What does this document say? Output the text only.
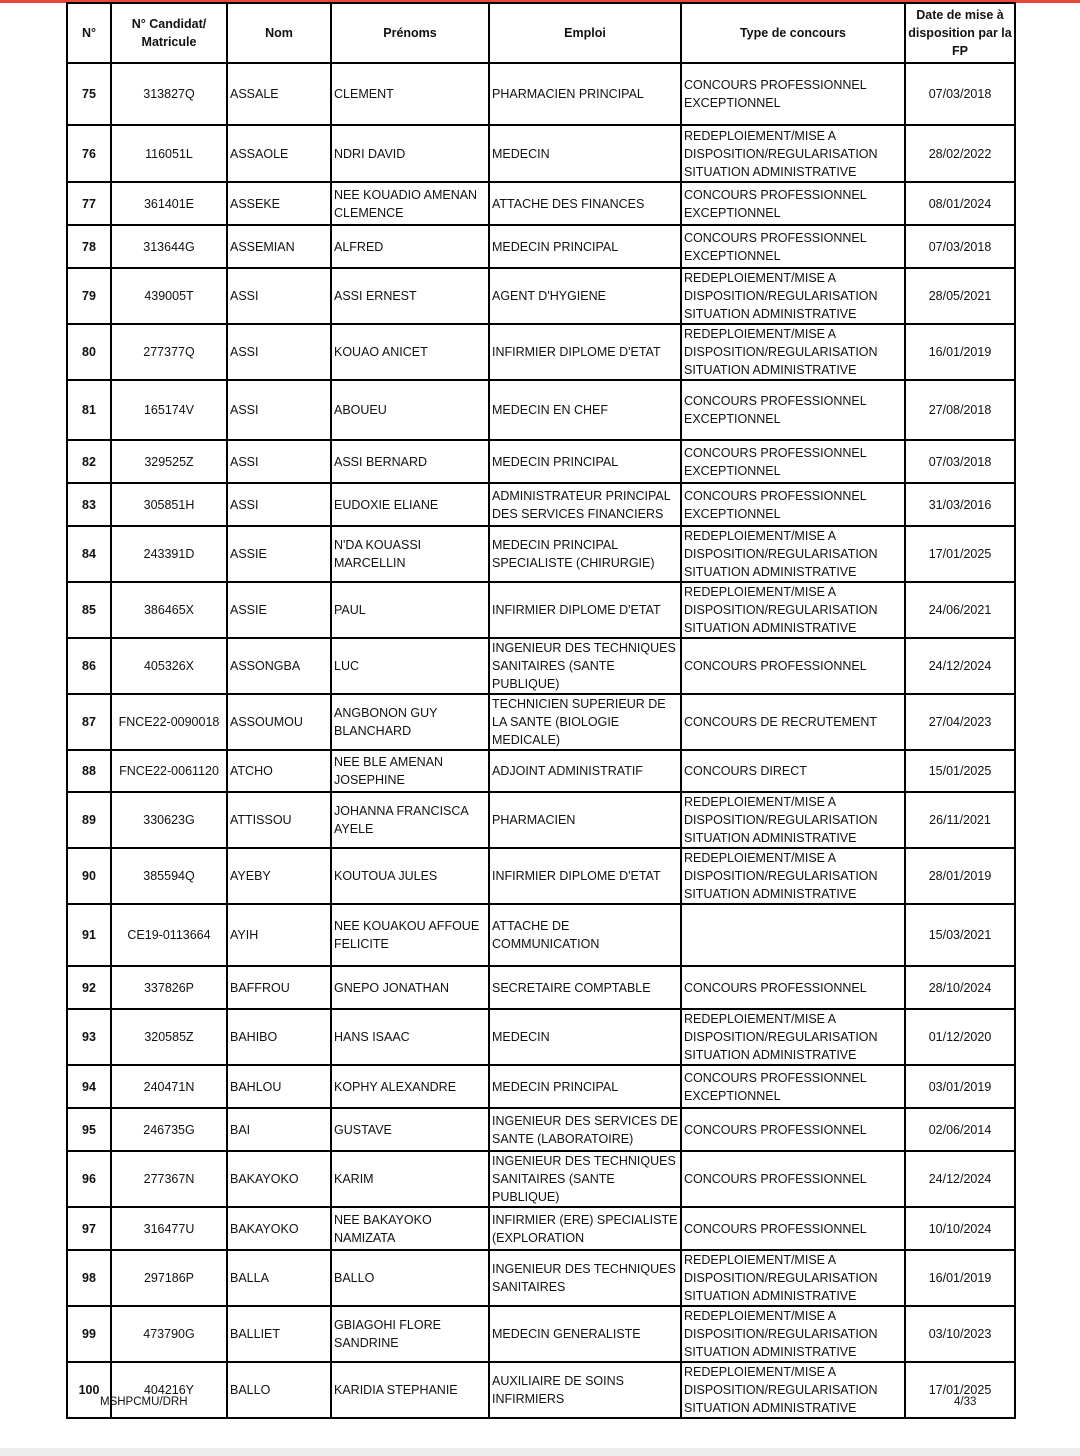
N°	N° Candidat/ Matricule	Nom	Prénoms	Emploi	Type de concours	Date de mise à disposition par la FP
75	313827Q	ASSALE	CLEMENT	PHARMACIEN PRINCIPAL	CONCOURS PROFESSIONNEL EXCEPTIONNEL	07/03/2018
76	116051L	ASSAOLE	NDRI DAVID	MEDECIN	REDEPLOIEMENT/MISE A DISPOSITION/REGULARISATION SITUATION ADMINISTRATIVE	28/02/2022
77	361401E	ASSEKE	NEE KOUADIO AMENAN CLEMENCE	ATTACHE DES FINANCES	CONCOURS PROFESSIONNEL EXCEPTIONNEL	08/01/2024
78	313644G	ASSEMIAN	ALFRED	MEDECIN PRINCIPAL	CONCOURS PROFESSIONNEL EXCEPTIONNEL	07/03/2018
79	439005T	ASSI	ASSI ERNEST	AGENT D'HYGIENE	REDEPLOIEMENT/MISE A DISPOSITION/REGULARISATION SITUATION ADMINISTRATIVE	28/05/2021
80	277377Q	ASSI	KOUAO ANICET	INFIRMIER DIPLOME D'ETAT	REDEPLOIEMENT/MISE A DISPOSITION/REGULARISATION SITUATION ADMINISTRATIVE	16/01/2019
81	165174V	ASSI	ABOUEU	MEDECIN EN CHEF	CONCOURS PROFESSIONNEL EXCEPTIONNEL	27/08/2018
82	329525Z	ASSI	ASSI BERNARD	MEDECIN PRINCIPAL	CONCOURS PROFESSIONNEL EXCEPTIONNEL	07/03/2018
83	305851H	ASSI	EUDOXIE ELIANE	ADMINISTRATEUR PRINCIPAL DES SERVICES FINANCIERS	CONCOURS PROFESSIONNEL EXCEPTIONNEL	31/03/2016
84	243391D	ASSIE	N'DA KOUASSI MARCELLIN	MEDECIN PRINCIPAL SPECIALISTE (CHIRURGIE)	REDEPLOIEMENT/MISE A DISPOSITION/REGULARISATION SITUATION ADMINISTRATIVE	17/01/2025
85	386465X	ASSIE	PAUL	INFIRMIER DIPLOME D'ETAT	REDEPLOIEMENT/MISE A DISPOSITION/REGULARISATION SITUATION ADMINISTRATIVE	24/06/2021
86	405326X	ASSONGBA	LUC	INGENIEUR DES TECHNIQUES SANITAIRES (SANTE PUBLIQUE)	CONCOURS PROFESSIONNEL	24/12/2024
87	FNCE22-0090018	ASSOUMOU	ANGBONON GUY BLANCHARD	TECHNICIEN SUPERIEUR DE LA SANTE (BIOLOGIE MEDICALE)	CONCOURS DE RECRUTEMENT	27/04/2023
88	FNCE22-0061120	ATCHO	NEE BLE AMENAN JOSEPHINE	ADJOINT ADMINISTRATIF	CONCOURS DIRECT	15/01/2025
89	330623G	ATTISSOU	JOHANNA FRANCISCA AYELE	PHARMACIEN	REDEPLOIEMENT/MISE A DISPOSITION/REGULARISATION SITUATION ADMINISTRATIVE	26/11/2021
90	385594Q	AYEBY	KOUTOUA JULES	INFIRMIER DIPLOME D'ETAT	REDEPLOIEMENT/MISE A DISPOSITION/REGULARISATION SITUATION ADMINISTRATIVE	28/01/2019
91	CE19-0113664	AYIH	NEE KOUAKOU AFFOUE FELICITE	ATTACHE DE COMMUNICATION		15/03/2021
92	337826P	BAFFROU	GNEPO JONATHAN	SECRETAIRE COMPTABLE	CONCOURS PROFESSIONNEL	28/10/2024
93	320585Z	BAHIBO	HANS ISAAC	MEDECIN	REDEPLOIEMENT/MISE A DISPOSITION/REGULARISATION SITUATION ADMINISTRATIVE	01/12/2020
94	240471N	BAHLOU	KOPHY ALEXANDRE	MEDECIN PRINCIPAL	CONCOURS PROFESSIONNEL EXCEPTIONNEL	03/01/2019
95	246735G	BAI	GUSTAVE	INGENIEUR DES SERVICES DE SANTE (LABORATOIRE)	CONCOURS PROFESSIONNEL	02/06/2014
96	277367N	BAKAYOKO	KARIM	INGENIEUR DES TECHNIQUES SANITAIRES (SANTE PUBLIQUE)	CONCOURS PROFESSIONNEL	24/12/2024
97	316477U	BAKAYOKO	NEE BAKAYOKO NAMIZATA	INFIRMIER (ERE) SPECIALISTE (EXPLORATION	CONCOURS PROFESSIONNEL	10/10/2024
98	297186P	BALLA	BALLO	INGENIEUR DES TECHNIQUES SANITAIRES	REDEPLOIEMENT/MISE A DISPOSITION/REGULARISATION SITUATION ADMINISTRATIVE	16/01/2019
99	473790G	BALLIET	GBIAGOHI FLORE SANDRINE	MEDECIN GENERALISTE	REDEPLOIEMENT/MISE A DISPOSITION/REGULARISATION SITUATION ADMINISTRATIVE	03/10/2023
100	404216Y	BALLO	KARIDIA STEPHANIE	AUXILIAIRE DE SOINS INFIRMIERS	REDEPLOIEMENT/MISE A DISPOSITION/REGULARISATION SITUATION ADMINISTRATIVE	17/01/2025
MSHPCMU/DRH	4/33
